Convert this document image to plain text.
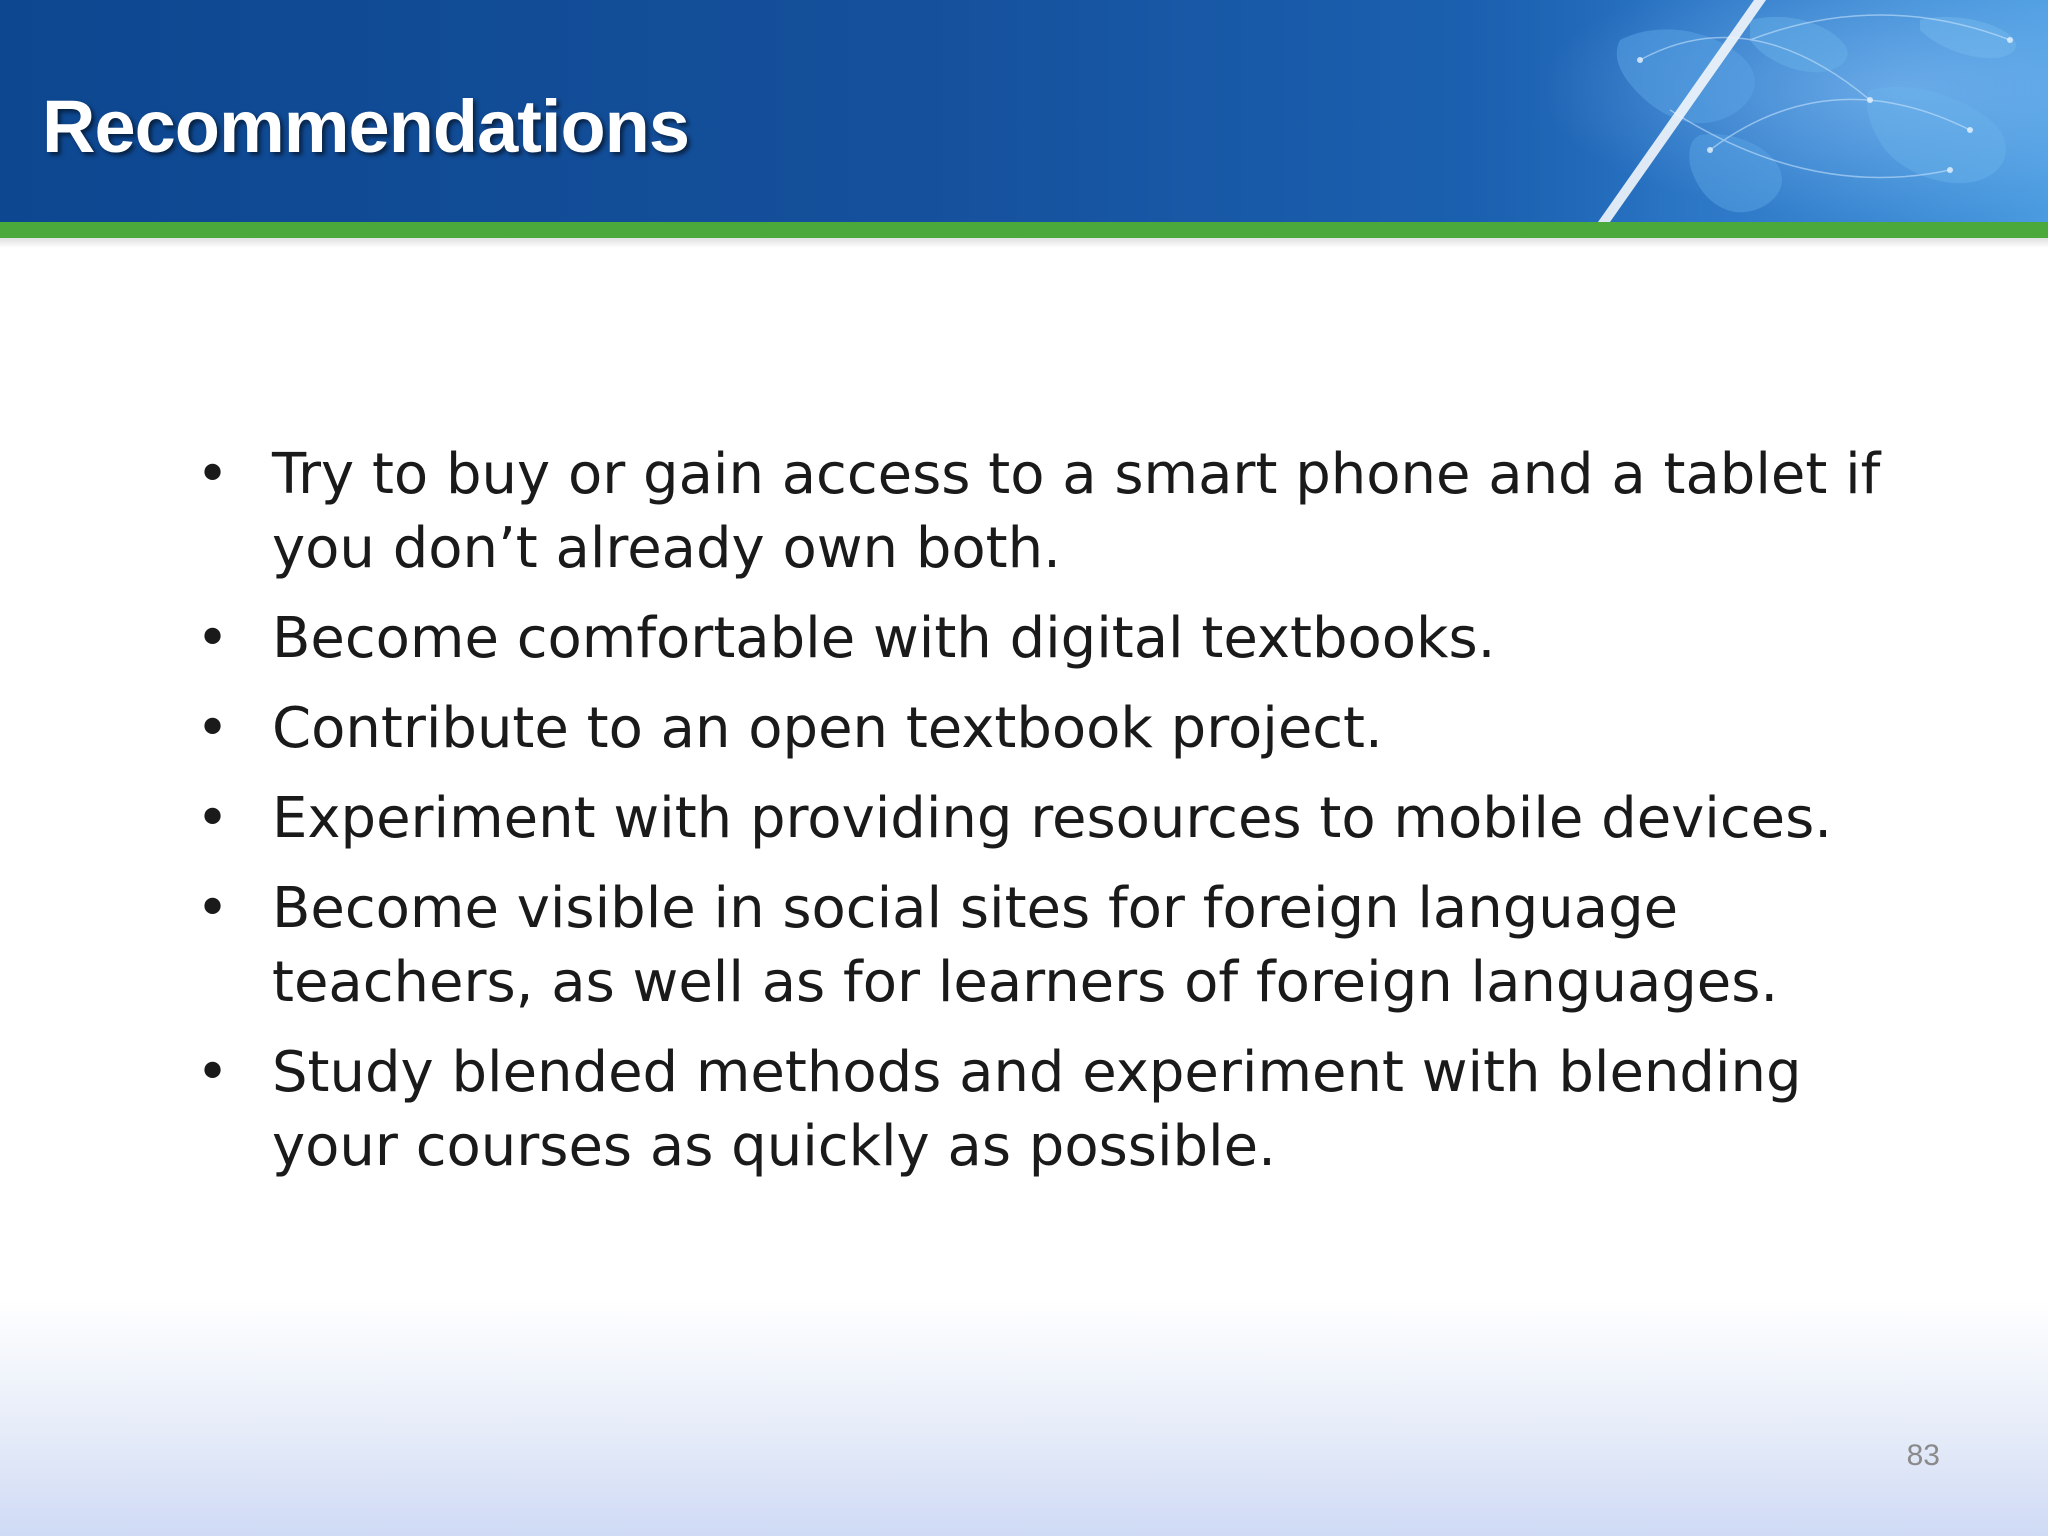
Recommendations
• Try to buy or gain access to a smart phone and a tablet if you don’t already own both.
• Become comfortable with digital textbooks.
• Contribute to an open textbook project.
• Experiment with providing resources to mobile devices.
• Become visible in social sites for foreign language teachers, as well as for learners of foreign languages.
• Study blended methods and experiment with blending your courses as quickly as possible.
83
